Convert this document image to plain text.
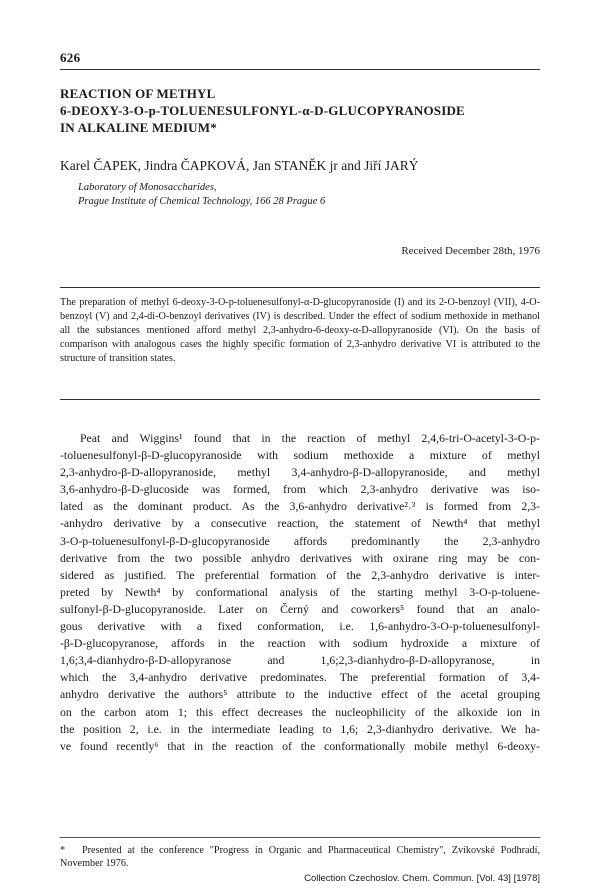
626
REACTION OF METHYL
6-DEOXY-3-O-p-TOLUENESULFONYL-α-D-GLUCOPYRANOSIDE
IN ALKALINE MEDIUM*
Karel ČAPEK, Jindra ČAPKOVÁ, Jan STANĚK jr and Jiří JARÝ
Laboratory of Monosaccharides,
Prague Institute of Chemical Technology, 166 28 Prague 6
Received December 28th, 1976
The preparation of methyl 6-deoxy-3-O-p-toluenesulfonyl-α-D-glucopyranoside (I) and its 2-O-benzoyl (VII), 4-O-benzoyl (V) and 2,4-di-O-benzoyl derivatives (IV) is described. Under the effect of sodium methoxide in methanol all the substances mentioned afford methyl 2,3-anhydro-6-deoxy-α-D-allopyranoside (VI). On the basis of comparison with analogous cases the highly specific formation of 2,3-anhydro derivative VI is attributed to the structure of transition states.
Peat and Wiggins¹ found that in the reaction of methyl 2,4,6-tri-O-acetyl-3-O-p-
-toluenesulfonyl-β-D-glucopyranoside with sodium methoxide a mixture of methyl
2,3-anhydro-β-D-allopyranoside, methyl 3,4-anhydro-β-D-allopyranoside, and methyl
3,6-anhydro-β-D-glucoside was formed, from which 2,3-anhydro derivative was iso-
lated as the dominant product. As the 3,6-anhydro derivative²˒³ is formed from 2,3-
-anhydro derivative by a consecutive reaction, the statement of Newth⁴ that methyl
3-O-p-toluenesulfonyl-β-D-glucopyranoside affords predominantly the 2,3-anhydro
derivative from the two possible anhydro derivatives with oxirane ring may be con-
sidered as justified. The preferential formation of the 2,3-anhydro derivative is inter-
preted by Newth⁴ by conformational analysis of the starting methyl 3-O-p-toluene-
sulfonyl-β-D-glucopyranoside. Later on Černý and coworkers⁵ found that an analo-
gous derivative with a fixed conformation, i.e. 1,6-anhydro-3-O-p-toluenesulfonyl-
-β-D-glucopyranose, affords in the reaction with sodium hydroxide a mixture of
1,6;3,4-dianhydro-β-D-allopyranose and 1,6;2,3-dianhydro-β-D-allopyranose, in
which the 3,4-anhydro derivative predominates. The preferential formation of 3,4-
anhydro derivative the authors⁵ attribute to the inductive effect of the acetal grouping
on the carbon atom 1; this effect decreases the nucleophilicity of the alkoxide ion in
the position 2, i.e. in the intermediate leading to 1,6; 2,3-dianhydro derivative. We ha-
ve found recently⁶ that in the reaction of the conformationally mobile methyl 6-deoxy-
* Presented at the conference "Progress in Organic and Pharmaceutical Chemistry", Zvíkovské Podhradí, November 1976.
Collection Czechoslov. Chem. Commun. [Vol. 43] [1978]
